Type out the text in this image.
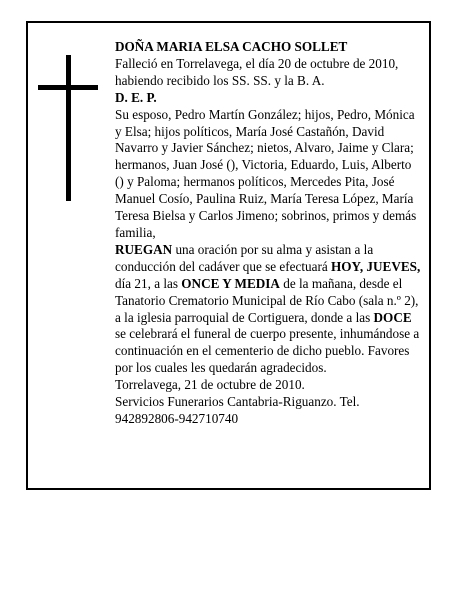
DOÑA MARIA ELSA CACHO SOLLET

Falleció en Torrelavega, el día 20 de octubre de 2010, habiendo recibido los SS. SS. y la B. A.

D. E. P.

Su esposo, Pedro Martín González; hijos, Pedro, Mónica y Elsa; hijos políticos, María José Castañón, David Navarro y Javier Sánchez; nietos, Alvaro, Jaime y Clara; hermanos, Juan José (), Victoria, Eduardo, Luis, Alberto () y Paloma; hermanos políticos, Mercedes Pita, José Manuel Cosío, Paulina Ruiz, María Teresa López, María Teresa Bielsa y Carlos Jimeno; sobrinos, primos y demás familia,

RUEGAN una oración por su alma y asistan a la conducción del cadáver que se efectuará HOY, JUEVES, día 21, a las ONCE Y MEDIA de la mañana, desde el Tanatorio Crematorio Municipal de Río Cabo (sala n.º 2), a la iglesia parroquial de Cortiguera, donde a las DOCE se celebrará el funeral de cuerpo presente, inhumándose a continuación en el cementerio de dicho pueblo. Favores por los cuales les quedarán agradecidos.

Torrelavega, 21 de octubre de 2010.

Servicios Funerarios Cantabria-Riguanzo. Tel. 942892806-942710740
